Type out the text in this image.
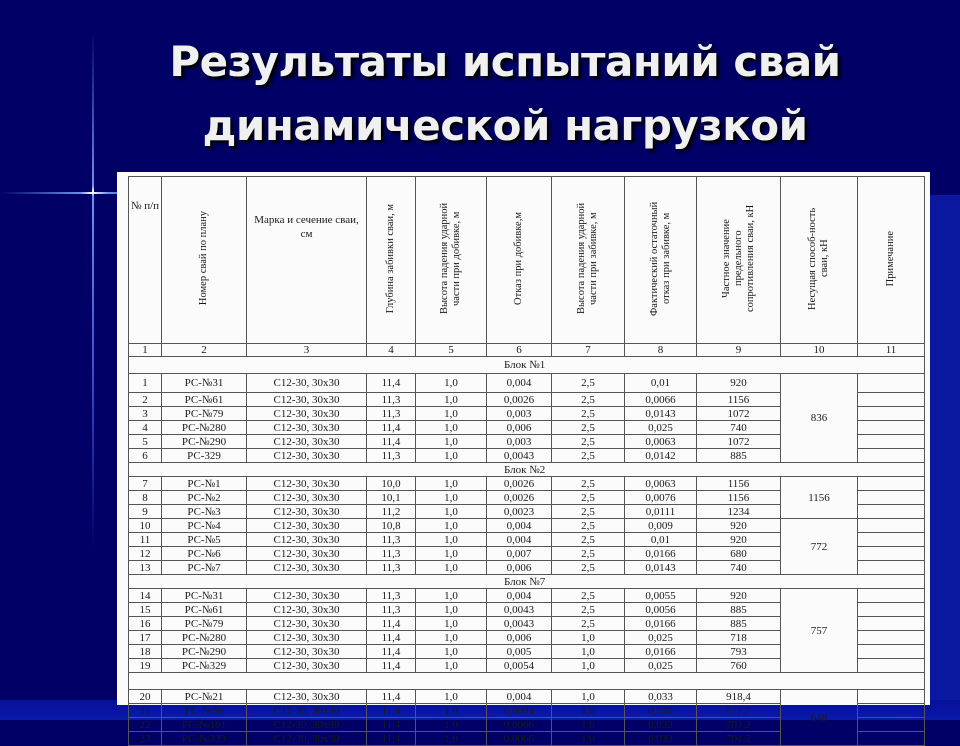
Результаты испытаний свай
динамической нагрузкой
№ п/п	Номер свай по плану	Марка и сечение сваи, см	Глубина забивки сваи, м	Высота падения ударной части при добивке, м	Отказ при добивке,м	Высота падения ударной части при забивке, м	Фактический остаточный отказ при забивке, м	Частное значение предельного сопротивления сваи, кН	Несущая способ-ность сваи, кН	Примечание
1	2	3	4	5	6	7	8	9	10	11
Блок №1										
1	РС-№31	С12-30, 30х30	11,4	1,0	0,004	2,5	0,01	920	836	
2	РС-№61	С12-30, 30х30	11,3	1,0	0,0026	2,5	0,0066	1156		
3	РС-№79	С12-30, 30х30	11,3	1,0	0,003	2,5	0,0143	1072		
4	РС-№280	С12-30, 30х30	11,4	1,0	0,006	2,5	0,025	740		
5	РС-№290	С12-30, 30х30	11,4	1,0	0,003	2,5	0,0063	1072		
6	РС-329	С12-30, 30х30	11,3	1,0	0,0043	2,5	0,0142	885		
Блок №2										
7	РС-№1	С12-30, 30х30	10,0	1,0	0,0026	2,5	0,0063	1156	1156	
8	РС-№2	С12-30, 30х30	10,1	1,0	0,0026	2,5	0,0076	1156		
9	РС-№3	С12-30, 30х30	11,2	1,0	0,0023	2,5	0,0111	1234		
10	РС-№4	С12-30, 30х30	10,8	1,0	0,004	2,5	0,009	920	772	
11	РС-№5	С12-30, 30х30	11,3	1,0	0,004	2,5	0,01	920		
12	РС-№6	С12-30, 30х30	11,3	1,0	0,007	2,5	0,0166	680		
13	РС-№7	С12-30, 30х30	11,3	1,0	0,006	2,5	0,0143	740		
Блок №7										
14	РС-№31	С12-30, 30х30	11,3	1,0	0,004	2,5	0,0055	920	757	
15	РС-№61	С12-30, 30х30	11,3	1,0	0,0043	2,5	0,0056	885		
16	РС-№79	С12-30, 30х30	11,4	1,0	0,0043	2,5	0,0166	885		
17	РС-№280	С12-30, 30х30	11,4	1,0	0,006	1,0	0,025	718		
18	РС-№290	С12-30, 30х30	11,4	1,0	0,005	1,0	0,0166	793		
19	РС-№329	С12-30, 30х30	11,4	1,0	0,0054	1,0	0,025	760		

20	РС-№21	С12-30, 30х30	11,4	1,0	0,004	1,0	0,033	918,4	648	
21	РС-№59	С12-30, 30х30	11,4	1,0	0,0094	1,0	0,030	577,7		
22	РС-№101	С12-30, 30х30	11,4	1,0	0,0066	1,0	0,033	701,2		
23	РС-№333	С12-30, 30х30	11,4	1,0	0,0066	1,0	0,033	701,2		
